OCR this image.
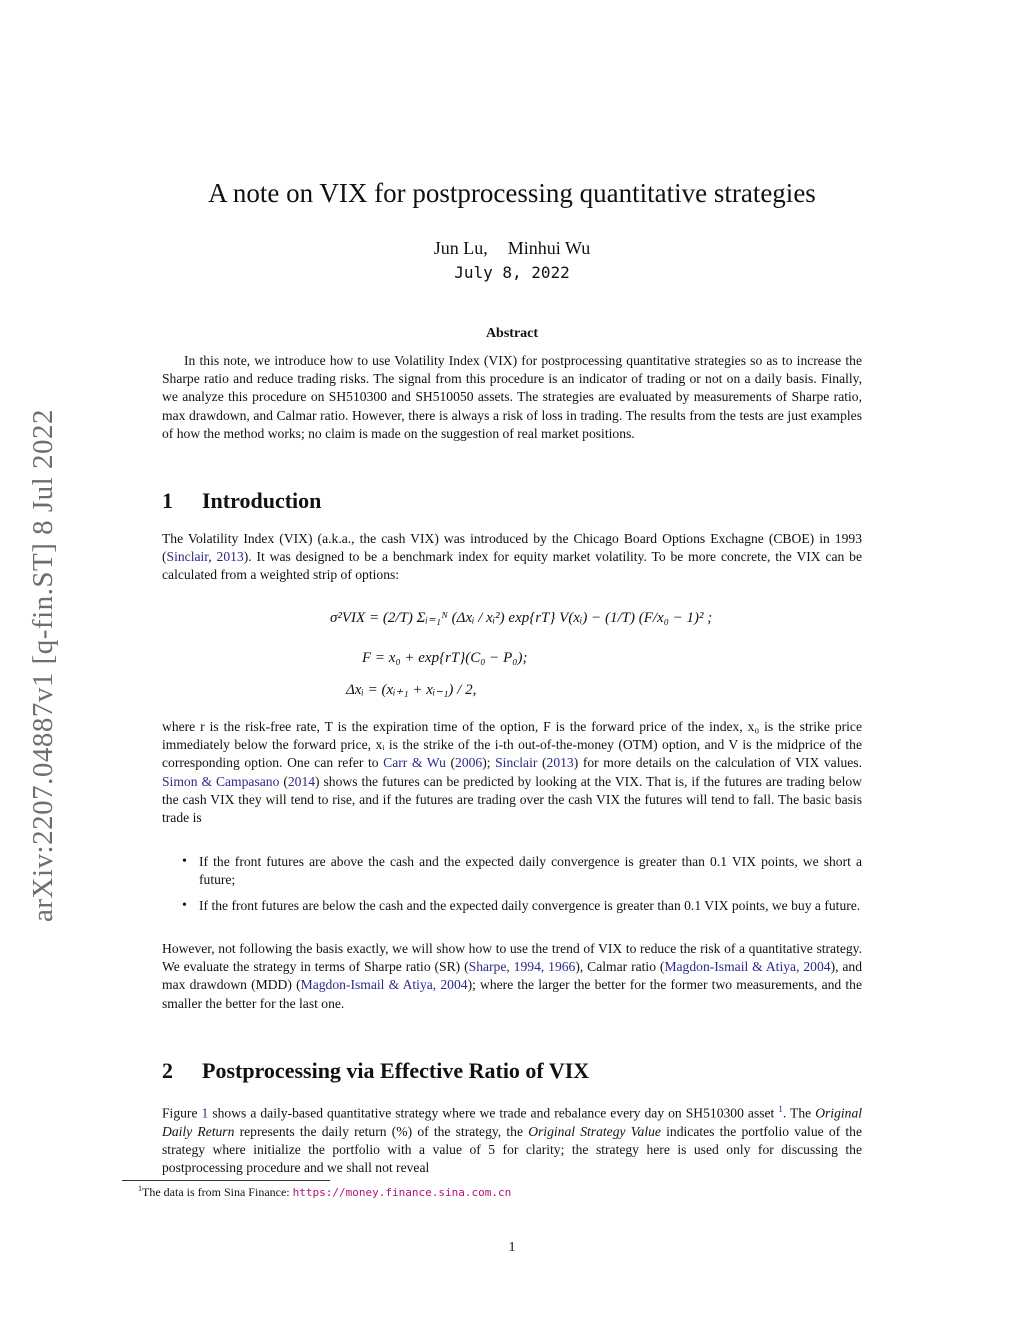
arXiv:2207.04887v1 [q-fin.ST] 8 Jul 2022
A note on VIX for postprocessing quantitative strategies
Jun Lu, Minhui Wu
July 8, 2022
Abstract

In this note, we introduce how to use Volatility Index (VIX) for postprocessing quantitative strategies so as to increase the Sharpe ratio and reduce trading risks. The signal from this procedure is an indicator of trading or not on a daily basis. Finally, we analyze this procedure on SH510300 and SH510050 assets. The strategies are evaluated by measurements of Sharpe ratio, max drawdown, and Calmar ratio. However, there is always a risk of loss in trading. The results from the tests are just examples of how the method works; no claim is made on the suggestion of real market positions.

1 Introduction

The Volatility Index (VIX) (a.k.a., the cash VIX) was introduced by the Chicago Board Options Exchagne (CBOE) in 1993 (Sinclair, 2013). It was designed to be a benchmark index for equity market volatility. To be more concrete, the VIX can be calculated from a weighted strip of options:

σ²VIX = (2/T) Σᵢ₌₁ᴺ (Δxᵢ / xᵢ²) exp{rT} V(xᵢ) − (1/T) (F/x₀ − 1)² ;
F = x₀ + exp{rT}(C₀ − P₀);
Δxᵢ = (xᵢ₊₁ + xᵢ₋₁) / 2,

where r is the risk-free rate, T is the expiration time of the option, F is the forward price of the index, x₀ is the strike price immediately below the forward price, xᵢ is the strike of the i-th out-of-the-money (OTM) option, and V is the midprice of the corresponding option. One can refer to Carr & Wu (2006); Sinclair (2013) for more details on the calculation of VIX values. Simon & Campasano (2014) shows the futures can be predicted by looking at the VIX. That is, if the futures are trading below the cash VIX they will tend to rise, and if the futures are trading over the cash VIX the futures will tend to fall. The basic basis trade is

• If the front futures are above the cash and the expected daily convergence is greater than 0.1 VIX points, we short a future;
• If the front futures are below the cash and the expected daily convergence is greater than 0.1 VIX points, we buy a future.

However, not following the basis exactly, we will show how to use the trend of VIX to reduce the risk of a quantitative strategy. We evaluate the strategy in terms of Sharpe ratio (SR) (Sharpe, 1994, 1966), Calmar ratio (Magdon-Ismail & Atiya, 2004), and max drawdown (MDD) (Magdon-Ismail & Atiya, 2004); where the larger the better for the former two measurements, and the smaller the better for the last one.

2 Postprocessing via Effective Ratio of VIX

Figure 1 shows a daily-based quantitative strategy where we trade and rebalance every day on SH510300 asset $^1$. The Original Daily Return represents the daily return (%) of the strategy, the Original Strategy Value indicates the portfolio value of the strategy where initialize the portfolio with a value of 5 for clarity; the strategy here is used only for discussing the postprocessing procedure and we shall not reveal

$^1$The data is from Sina Finance: https://money.finance.sina.com.cn
1
